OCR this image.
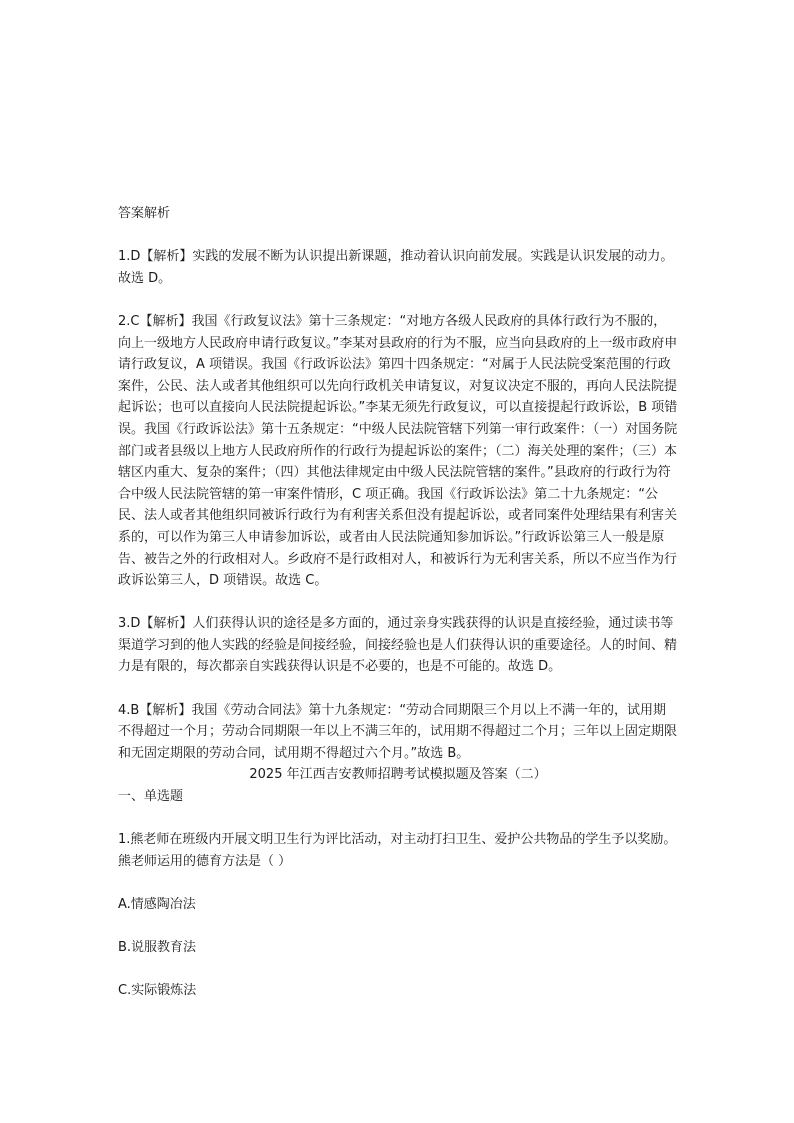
答案解析

1.D【解析】实践的发展不断为认识提出新课题，推动着认识向前发展。实践是认识发展的动力。故选 D。

2.C【解析】我国《行政复议法》第十三条规定：“对地方各级人民政府的具体行政行为不服的，向上一级地方人民政府申请行政复议。”李某对县政府的行为不服，应当向县政府的上一级市政府申请行政复议，A 项错误。我国《行政诉讼法》第四十四条规定：“对属于人民法院受案范围的行政案件，公民、法人或者其他组织可以先向行政机关申请复议，对复议决定不服的，再向人民法院提起诉讼；也可以直接向人民法院提起诉讼。”李某无须先行政复议，可以直接提起行政诉讼，B 项错误。我国《行政诉讼法》第十五条规定：“中级人民法院管辖下列第一审行政案件：（一）对国务院部门或者县级以上地方人民政府所作的行政行为提起诉讼的案件；（二）海关处理的案件；（三）本辖区内重大、复杂的案件；（四）其他法律规定由中级人民法院管辖的案件。”县政府的行政行为符合中级人民法院管辖的第一审案件情形，C 项正确。我国《行政诉讼法》第二十九条规定：“公民、法人或者其他组织同被诉行政行为有利害关系但没有提起诉讼，或者同案件处理结果有利害关系的，可以作为第三人申请参加诉讼，或者由人民法院通知参加诉讼。”行政诉讼第三人一般是原告、被告之外的行政相对人。乡政府不是行政相对人，和被诉行为无利害关系，所以不应当作为行政诉讼第三人，D 项错误。故选 C。

3.D【解析】人们获得认识的途径是多方面的，通过亲身实践获得的认识是直接经验，通过读书等渠道学习到的他人实践的经验是间接经验，间接经验也是人们获得认识的重要途径。人的时间、精力是有限的，每次都亲自实践获得认识是不必要的，也是不可能的。故选 D。

4.B【解析】我国《劳动合同法》第十九条规定：“劳动合同期限三个月以上不满一年的，试用期不得超过一个月；劳动合同期限一年以上不满三年的，试用期不得超过二个月；三年以上固定期限和无固定期限的劳动合同，试用期不得超过六个月。”故选 B。

2025 年江西吉安教师招聘考试模拟题及答案（二）

一、单选题

1.熊老师在班级内开展文明卫生行为评比活动，对主动打扫卫生、爱护公共物品的学生予以奖励。熊老师运用的德育方法是（ ）

A.情感陶冶法

B.说服教育法

C.实际锻炼法
